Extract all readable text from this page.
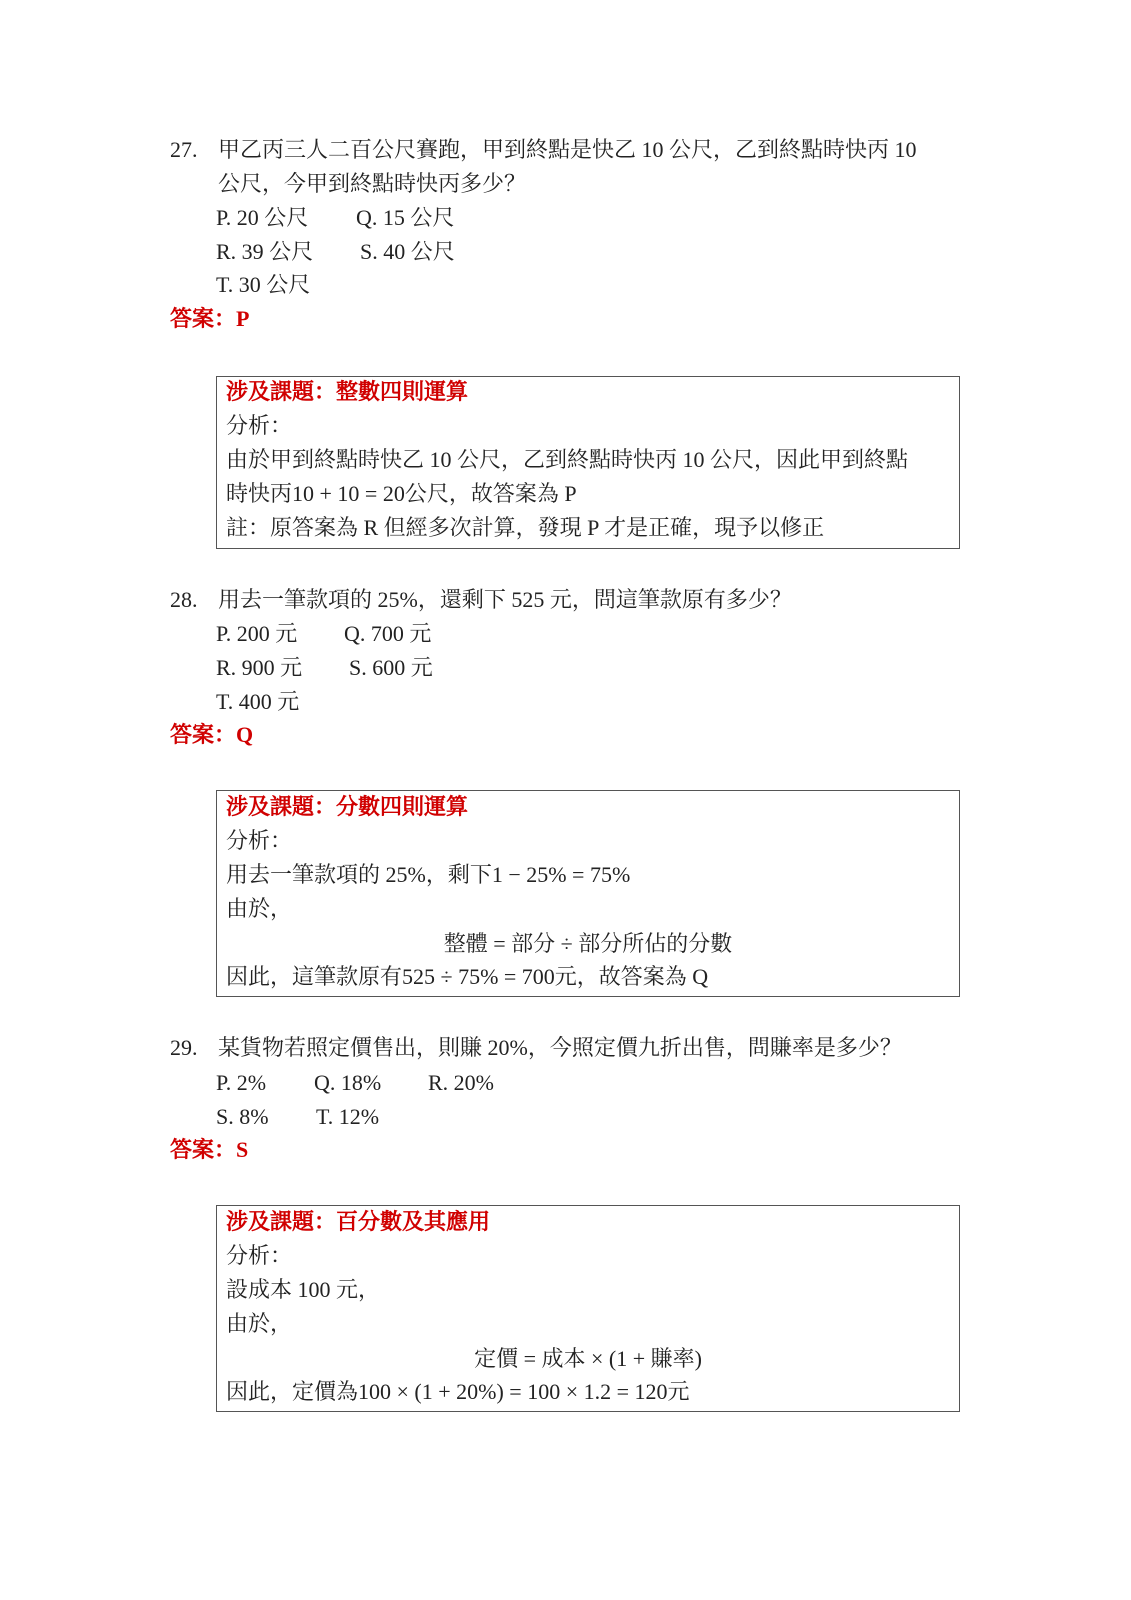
27. 甲乙丙三人二百公尺賽跑，甲到終點是快乙 10 公尺，乙到終點時快丙 10
公尺，今甲到終點時快丙多少？
P. 20 公尺 Q. 15 公尺
R. 39 公尺 S. 40 公尺
T. 30 公尺
答案：P
涉及課題：整數四則運算
分析：
由於甲到終點時快乙 10 公尺，乙到終點時快丙 10 公尺，因此甲到終點
時快丙10 + 10 = 20公尺，故答案為 P
註：原答案為 R 但經多次計算，發現 P 才是正確，現予以修正
28. 用去一筆款項的 25%，還剩下 525 元，問這筆款原有多少？
P. 200 元 Q. 700 元
R. 900 元 S. 600 元
T. 400 元
答案：Q
涉及課題：分數四則運算
分析：
用去一筆款項的 25%，剩下1 − 25% = 75%
由於，
整體 = 部分 ÷ 部分所佔的分數
因此，這筆款原有525 ÷ 75% = 700元，故答案為 Q
29. 某貨物若照定價售出，則賺 20%，今照定價九折出售，問賺率是多少？
P. 2% Q. 18% R. 20%
S. 8% T. 12%
答案：S
涉及課題：百分數及其應用
分析：
設成本 100 元，
由於，
定價 = 成本 × (1 + 賺率)
因此，定價為100 × (1 + 20%) = 100 × 1.2 = 120元
